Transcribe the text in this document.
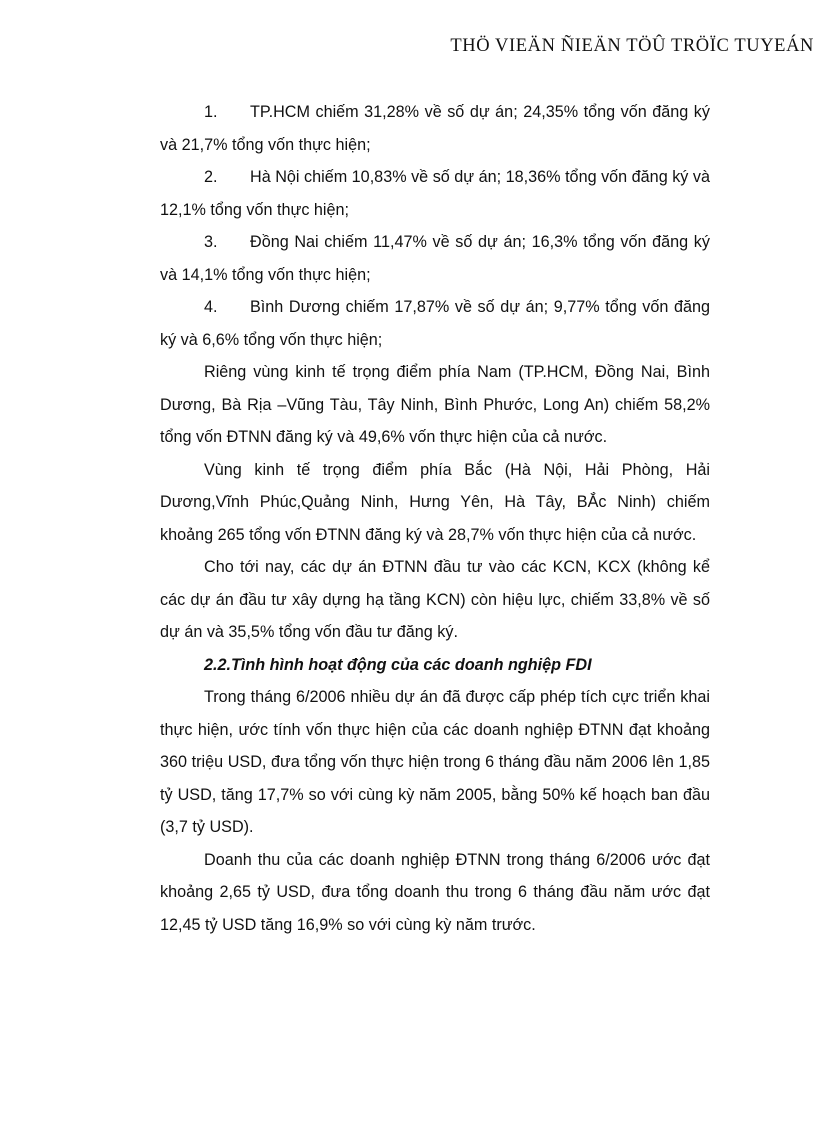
THÖ VIEÄN ÑIEÄN TÖÛ TRÖÏC TUYEÁN

1. TP.HCM chiếm 31,28% về số dự án; 24,35% tổng vốn đăng ký và 21,7% tổng vốn thực hiện;

2. Hà Nội chiếm 10,83% về số dự án; 18,36% tổng vốn đăng ký và 12,1% tổng vốn thực hiện;

3. Đồng Nai chiếm 11,47% về số dự án; 16,3% tổng vốn đăng ký và 14,1% tổng vốn thực hiện;

4. Bình Dương chiếm 17,87% về số dự án; 9,77% tổng vốn đăng ký và 6,6% tổng vốn thực hiện;

Riêng vùng kinh tế trọng điểm phía Nam (TP.HCM, Đồng Nai, Bình Dương, Bà Rịa –Vũng Tàu, Tây Ninh, Bình Phước, Long An) chiếm 58,2% tổng vốn ĐTNN đăng ký và 49,6% vốn thực hiện của cả nước.

Vùng kinh tế trọng điểm phía Bắc (Hà Nội, Hải Phòng, Hải Dương,Vĩnh Phúc,Quảng Ninh, Hưng Yên, Hà Tây, BẮc Ninh) chiếm khoảng 265 tổng vốn ĐTNN đăng ký và 28,7% vốn thực hiện của cả nước.

Cho tới nay, các dự án ĐTNN đầu tư vào các KCN, KCX (không kể các dự án đầu tư xây dựng hạ tầng KCN) còn hiệu lực, chiếm 33,8% về số dự án và 35,5% tổng vốn đầu tư đăng ký.

2.2.Tình hình hoạt động của các doanh nghiệp FDI

Trong tháng 6/2006 nhiều dự án đã được cấp phép tích cực triển khai thực hiện, ước tính vốn thực hiện của các doanh nghiệp ĐTNN đạt khoảng 360 triệu USD, đưa tổng vốn thực hiện trong 6 tháng đầu năm 2006 lên 1,85 tỷ USD, tăng 17,7% so với cùng kỳ năm 2005, bằng 50% kế hoạch ban đầu (3,7 tỷ USD).

Doanh thu của các doanh nghiệp ĐTNN trong tháng 6/2006 ước đạt khoảng 2,65 tỷ USD, đưa tổng doanh thu trong 6 tháng đầu năm ước đạt 12,45 tỷ USD tăng 16,9% so với cùng kỳ năm trước.
